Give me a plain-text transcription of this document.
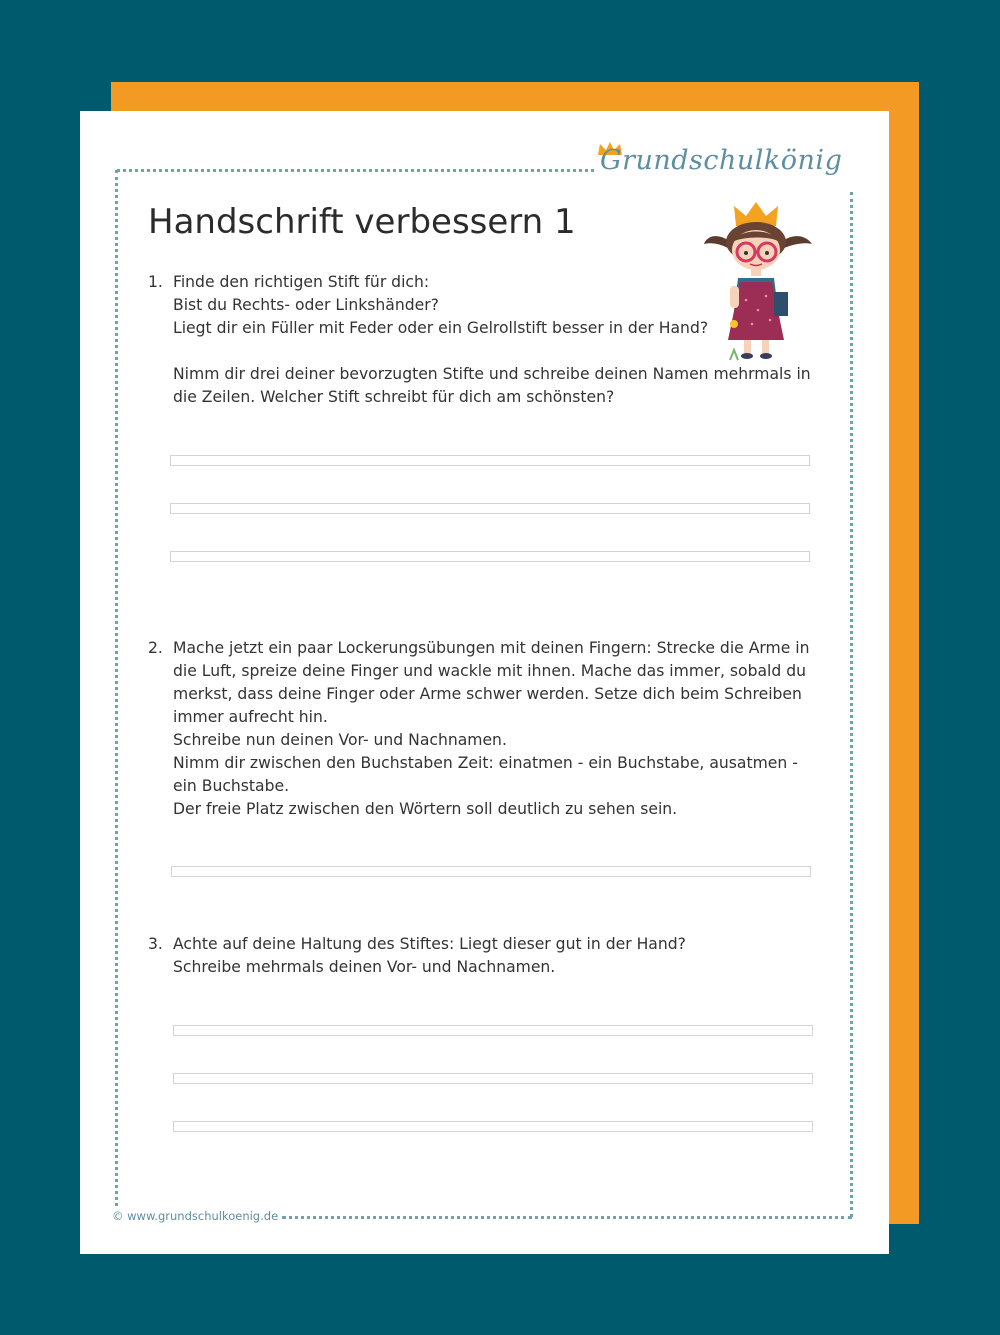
Grundschulkönig
Handschrift verbessern 1
1. Finde den richtigen Stift für dich:
Bist du Rechts- oder Linkshänder?
Liegt dir ein Füller mit Feder oder ein Gelrollstift besser in der Hand?
Nimm dir drei deiner bevorzugten Stifte und schreibe deinen Namen mehrmals in
die Zeilen. Welcher Stift schreibt für dich am schönsten?
2. Mache jetzt ein paar Lockerungsübungen mit deinen Fingern: Strecke die Arme in
die Luft, spreize deine Finger und wackle mit ihnen. Mache das immer, sobald du
merkst, dass deine Finger oder Arme schwer werden. Setze dich beim Schreiben
immer aufrecht hin.
Schreibe nun deinen Vor- und Nachnamen.
Nimm dir zwischen den Buchstaben Zeit: einatmen - ein Buchstabe, ausatmen -
ein Buchstabe.
Der freie Platz zwischen den Wörtern soll deutlich zu sehen sein.
3. Achte auf deine Haltung des Stiftes: Liegt dieser gut in der Hand?
Schreibe mehrmals deinen Vor- und Nachnamen.
© www.grundschulkoenig.de
